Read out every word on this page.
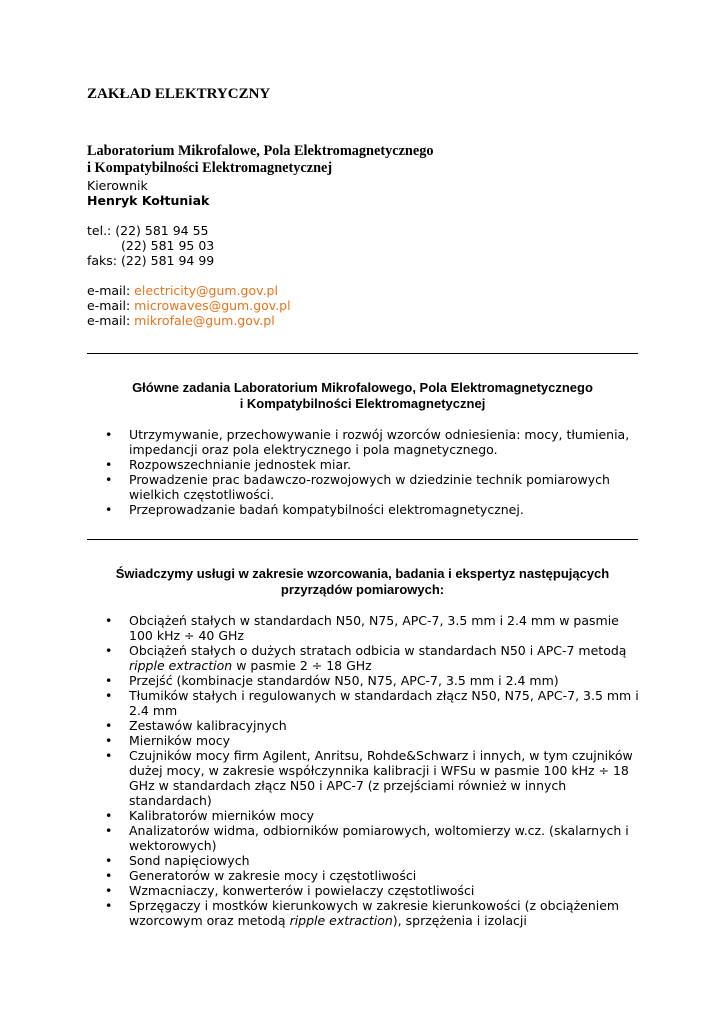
ZAKŁAD ELEKTRYCZNY
Laboratorium Mikrofalowe, Pola Elektromagnetycznego
i Kompatybilności Elektromagnetycznej
Kierownik
Henryk Kołtuniak
tel.: (22) 581 94 55
(22) 581 95 03
faks: (22) 581 94 99
e-mail: electricity@gum.gov.pl
e-mail: microwaves@gum.gov.pl
e-mail: mikrofale@gum.gov.pl
Główne zadania Laboratorium Mikrofalowego, Pola Elektromagnetycznego
i Kompatybilności Elektromagnetycznej
• Utrzymywanie, przechowywanie i rozwój wzorców odniesienia: mocy, tłumienia, impedancji oraz pola elektrycznego i pola magnetycznego.
• Rozpowszechnianie jednostek miar.
• Prowadzenie prac badawczo-rozwojowych w dziedzinie technik pomiarowych wielkich częstotliwości.
• Przeprowadzanie badań kompatybilności elektromagnetycznej.
Świadczymy usługi w zakresie wzorcowania, badania i ekspertyz następujących
przyrządów pomiarowych:
• Obciążeń stałych w standardach N50, N75, APC-7, 3.5 mm i 2.4 mm w pasmie 100 kHz ÷ 40 GHz
• Obciążeń stałych o dużych stratach odbicia w standardach N50 i APC-7 metodą ripple extraction w pasmie 2 ÷ 18 GHz
• Przejść (kombinacje standardów N50, N75, APC-7, 3.5 mm i 2.4 mm)
• Tłumików stałych i regulowanych w standardach złącz N50, N75, APC-7, 3.5 mm i 2.4 mm
• Zestawów kalibracyjnych
• Mierników mocy
• Czujników mocy firm Agilent, Anritsu, Rohde&Schwarz i innych, w tym czujników dużej mocy, w zakresie współczynnika kalibracji i WFSu w pasmie 100 kHz ÷ 18 GHz w standardach złącz N50 i APC-7 (z przejściami również w innych standardach)
• Kalibratorów mierników mocy
• Analizatorów widma, odbiorników pomiarowych, woltomierzy w.cz. (skalarnych i wektorowych)
• Sond napięciowych
• Generatorów w zakresie mocy i częstotliwości
• Wzmacniaczy, konwerterów i powielaczy częstotliwości
• Sprzęgaczy i mostków kierunkowych w zakresie kierunkowości (z obciążeniem wzorcowym oraz metodą ripple extraction), sprzężenia i izolacji
